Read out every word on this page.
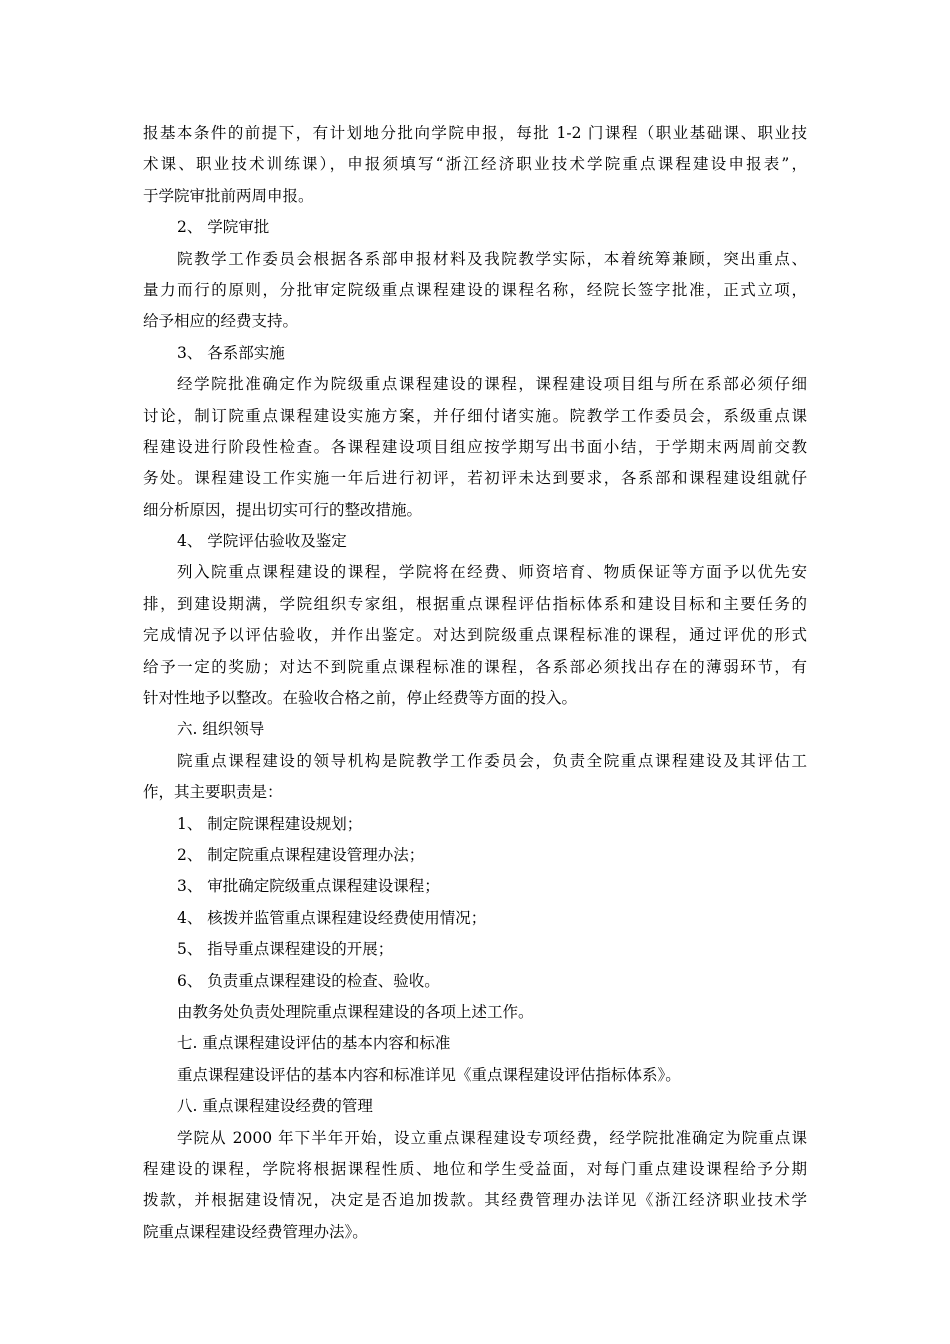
报基本条件的前提下，有计划地分批向学院申报，每批 1-2 门课程（职业基础课、职业技
术课、职业技术训练课），申报须填写“浙江经济职业技术学院重点课程建设申报表”，
于学院审批前两周申报。
2、 学院审批
院教学工作委员会根据各系部申报材料及我院教学实际，本着统筹兼顾，突出重点、
量力而行的原则，分批审定院级重点课程建设的课程名称，经院长签字批准，正式立项，
给予相应的经费支持。
3、 各系部实施
经学院批准确定作为院级重点课程建设的课程，课程建设项目组与所在系部必须仔细
讨论，制订院重点课程建设实施方案，并仔细付诸实施。院教学工作委员会，系级重点课
程建设进行阶段性检查。各课程建设项目组应按学期写出书面小结，于学期末两周前交教
务处。课程建设工作实施一年后进行初评，若初评未达到要求，各系部和课程建设组就仔
细分析原因，提出切实可行的整改措施。
4、 学院评估验收及鉴定
列入院重点课程建设的课程，学院将在经费、师资培育、物质保证等方面予以优先安
排，到建设期满，学院组织专家组，根据重点课程评估指标体系和建设目标和主要任务的
完成情况予以评估验收，并作出鉴定。对达到院级重点课程标准的课程，通过评优的形式
给予一定的奖励；对达不到院重点课程标准的课程，各系部必须找出存在的薄弱环节，有
针对性地予以整改。在验收合格之前，停止经费等方面的投入。
六. 组织领导
院重点课程建设的领导机构是院教学工作委员会，负责全院重点课程建设及其评估工
作，其主要职责是：
1、 制定院课程建设规划；
2、 制定院重点课程建设管理办法；
3、 审批确定院级重点课程建设课程；
4、 核拨并监管重点课程建设经费使用情况；
5、 指导重点课程建设的开展；
6、 负责重点课程建设的检查、验收。
由教务处负责处理院重点课程建设的各项上述工作。
七. 重点课程建设评估的基本内容和标准
重点课程建设评估的基本内容和标准详见《重点课程建设评估指标体系》。
八. 重点课程建设经费的管理
学院从 2000 年下半年开始，设立重点课程建设专项经费，经学院批准确定为院重点课
程建设的课程，学院将根据课程性质、地位和学生受益面，对每门重点建设课程给予分期
拨款，并根据建设情况，决定是否追加拨款。其经费管理办法详见《浙江经济职业技术学
院重点课程建设经费管理办法》。
